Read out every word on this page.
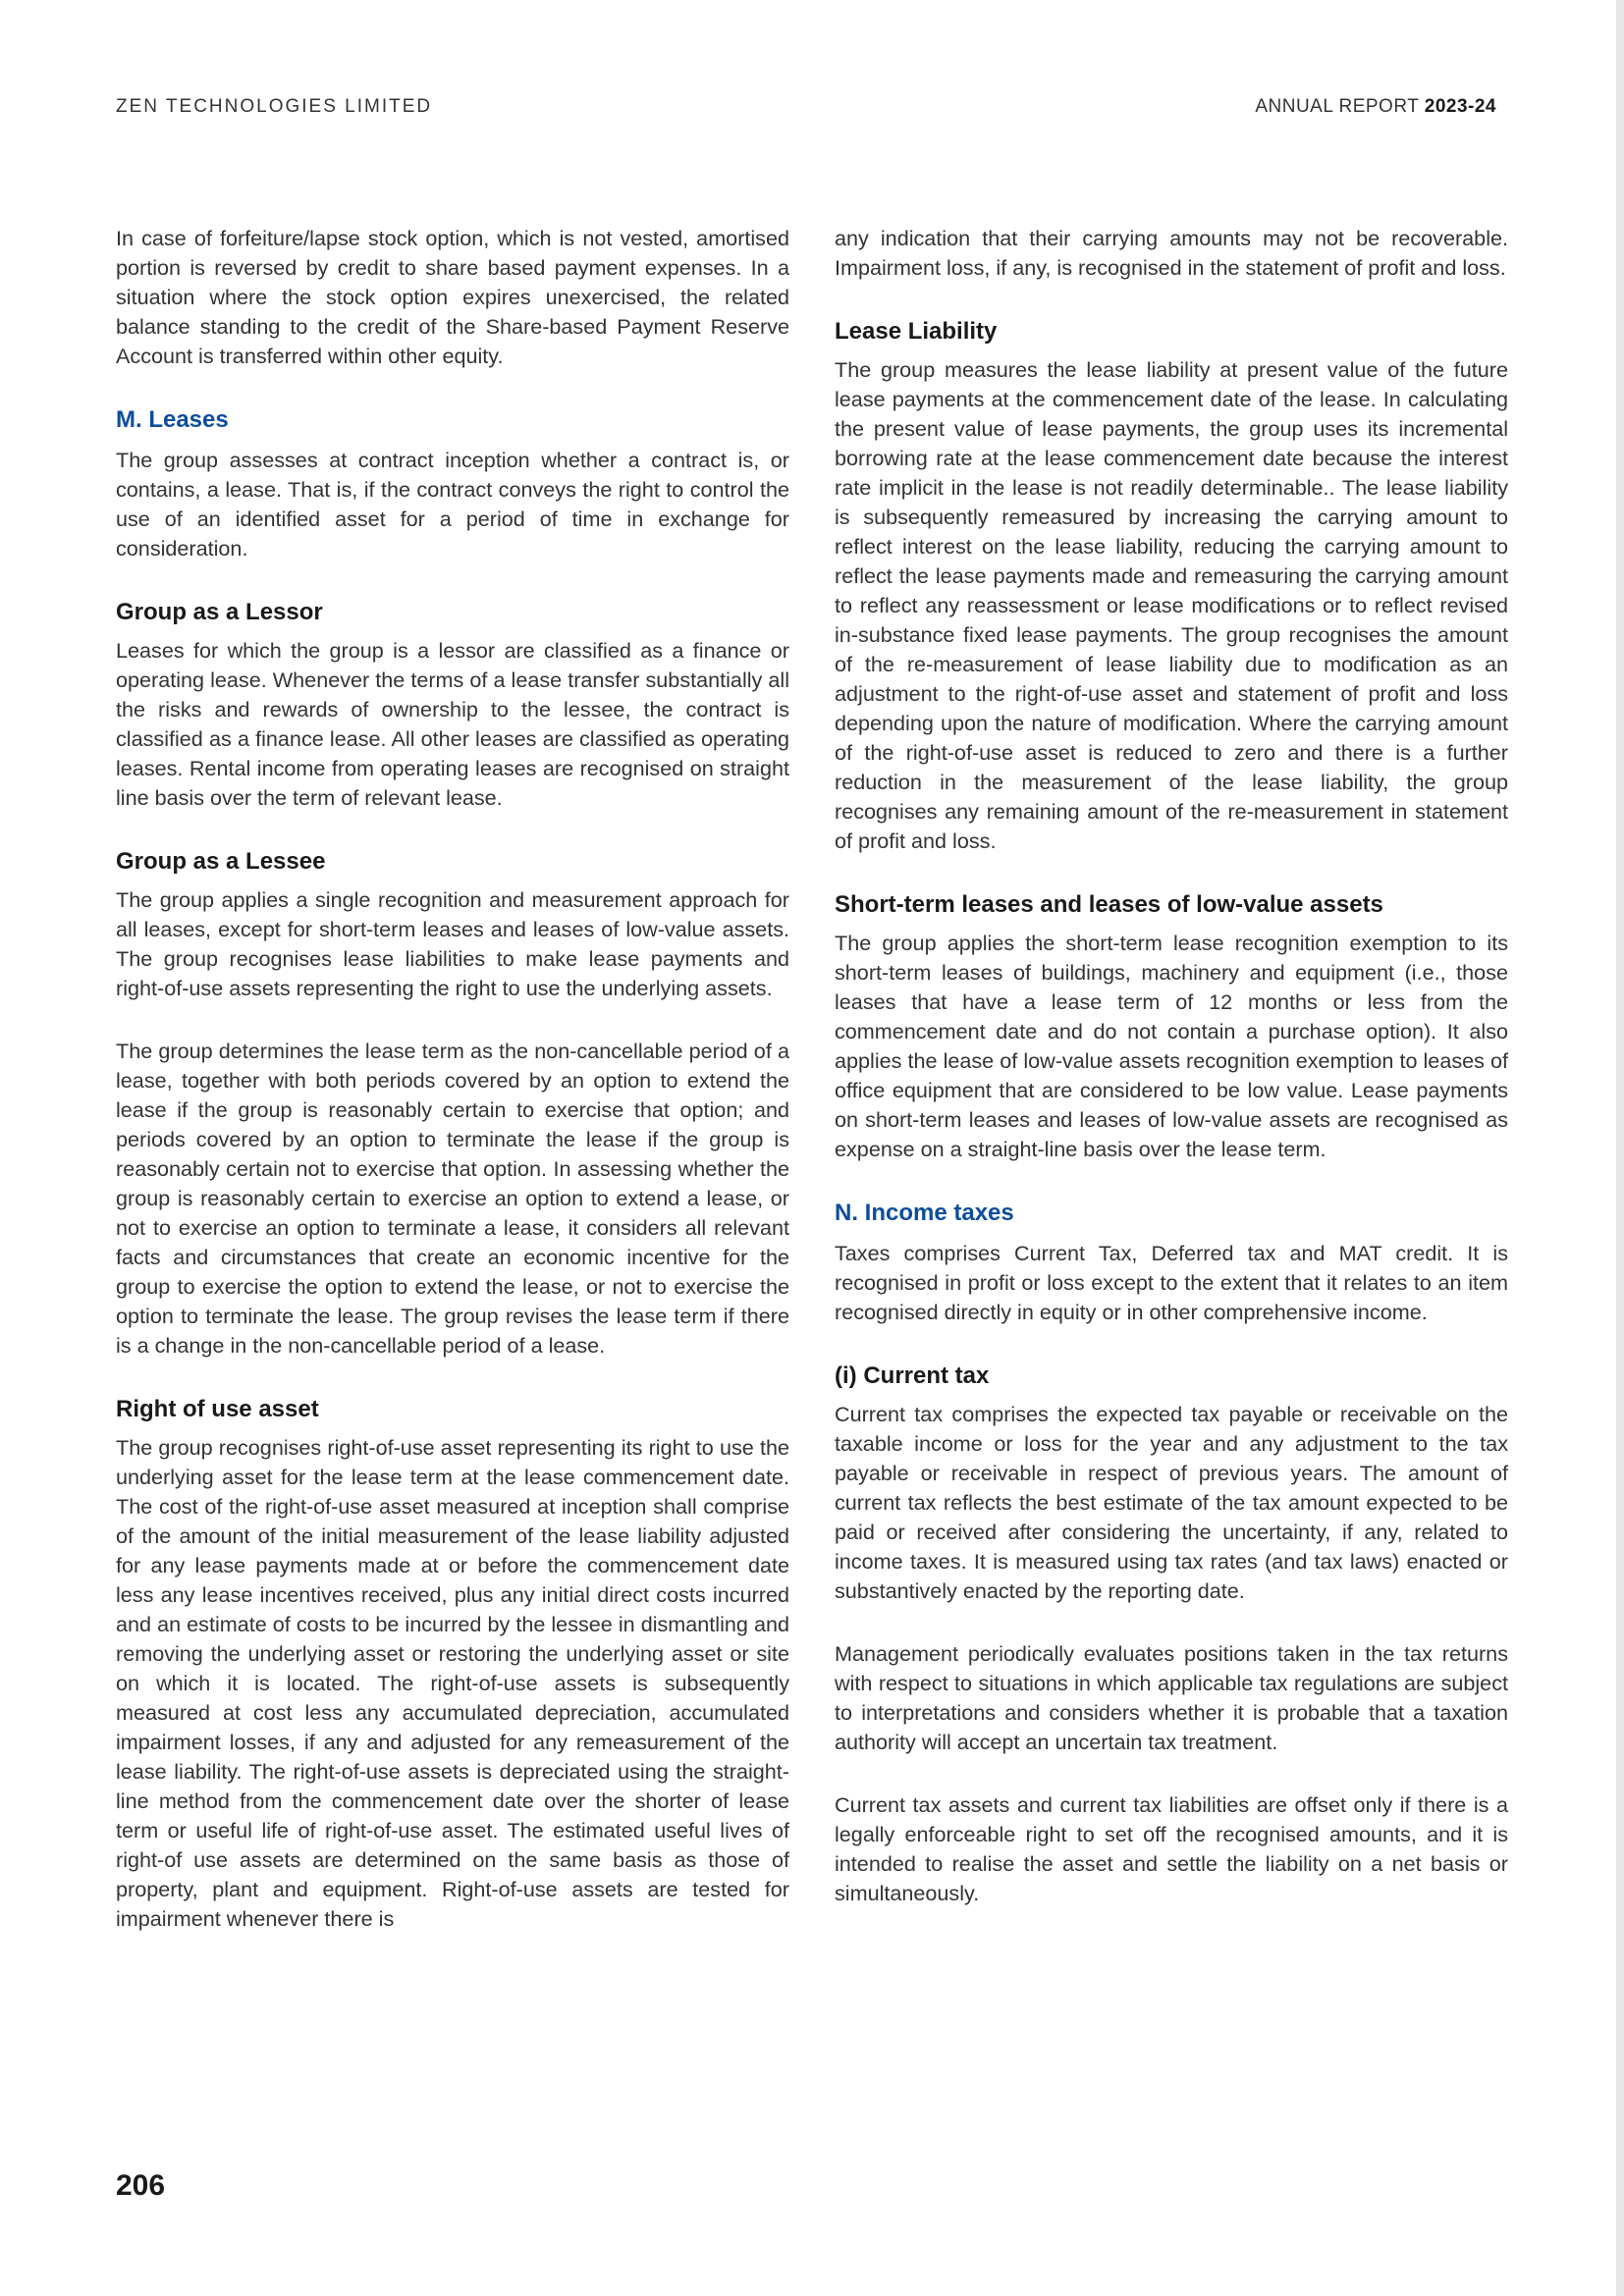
ZEN TECHNOLOGIES LIMITED	ANNUAL REPORT 2023-24

In case of forfeiture/lapse stock option, which is not vested, amortised portion is reversed by credit to share based payment expenses. In a situation where the stock option expires unexercised, the related balance standing to the credit of the Share-based Payment Reserve Account is transferred within other equity.

M. Leases

The group assesses at contract inception whether a contract is, or contains, a lease. That is, if the contract conveys the right to control the use of an identified asset for a period of time in exchange for consideration.

Group as a Lessor

Leases for which the group is a lessor are classified as a finance or operating lease. Whenever the terms of a lease transfer substantially all the risks and rewards of ownership to the lessee, the contract is classified as a finance lease. All other leases are classified as operating leases. Rental income from operating leases are recognised on straight line basis over the term of relevant lease.

Group as a Lessee

The group applies a single recognition and measurement approach for all leases, except for short-term leases and leases of low-value assets. The group recognises lease liabilities to make lease payments and right-of-use assets representing the right to use the underlying assets.

The group determines the lease term as the non-cancellable period of a lease, together with both periods covered by an option to extend the lease if the group is reasonably certain to exercise that option; and periods covered by an option to terminate the lease if the group is reasonably certain not to exercise that option. In assessing whether the group is reasonably certain to exercise an option to extend a lease, or not to exercise an option to terminate a lease, it considers all relevant facts and circumstances that create an economic incentive for the group to exercise the option to extend the lease, or not to exercise the option to terminate the lease. The group revises the lease term if there is a change in the non-cancellable period of a lease.

Right of use asset

The group recognises right-of-use asset representing its right to use the underlying asset for the lease term at the lease commencement date. The cost of the right-of-use asset measured at inception shall comprise of the amount of the initial measurement of the lease liability adjusted for any lease payments made at or before the commencement date less any lease incentives received, plus any initial direct costs incurred and an estimate of costs to be incurred by the lessee in dismantling and removing the underlying asset or restoring the underlying asset or site on which it is located. The right-of-use assets is subsequently measured at cost less any accumulated depreciation, accumulated impairment losses, if any and adjusted for any remeasurement of the lease liability. The right-of-use assets is depreciated using the straight-line method from the commencement date over the shorter of lease term or useful life of right-of-use asset. The estimated useful lives of right-of use assets are determined on the same basis as those of property, plant and equipment. Right-of-use assets are tested for impairment whenever there is

any indication that their carrying amounts may not be recoverable. Impairment loss, if any, is recognised in the statement of profit and loss.

Lease Liability

The group measures the lease liability at present value of the future lease payments at the commencement date of the lease. In calculating the present value of lease payments, the group uses its incremental borrowing rate at the lease commencement date because the interest rate implicit in the lease is not readily determinable.. The lease liability is subsequently remeasured by increasing the carrying amount to reflect interest on the lease liability, reducing the carrying amount to reflect the lease payments made and remeasuring the carrying amount to reflect any reassessment or lease modifications or to reflect revised in-substance fixed lease payments. The group recognises the amount of the re-measurement of lease liability due to modification as an adjustment to the right-of-use asset and statement of profit and loss depending upon the nature of modification. Where the carrying amount of the right-of-use asset is reduced to zero and there is a further reduction in the measurement of the lease liability, the group recognises any remaining amount of the re-measurement in statement of profit and loss.

Short-term leases and leases of low-value assets

The group applies the short-term lease recognition exemption to its short-term leases of buildings, machinery and equipment (i.e., those leases that have a lease term of 12 months or less from the commencement date and do not contain a purchase option). It also applies the lease of low-value assets recognition exemption to leases of office equipment that are considered to be low value. Lease payments on short-term leases and leases of low-value assets are recognised as expense on a straight-line basis over the lease term.

N. Income taxes

Taxes comprises Current Tax, Deferred tax and MAT credit. It is recognised in profit or loss except to the extent that it relates to an item recognised directly in equity or in other comprehensive income.

(i) Current tax

Current tax comprises the expected tax payable or receivable on the taxable income or loss for the year and any adjustment to the tax payable or receivable in respect of previous years. The amount of current tax reflects the best estimate of the tax amount expected to be paid or received after considering the uncertainty, if any, related to income taxes. It is measured using tax rates (and tax laws) enacted or substantively enacted by the reporting date.

Management periodically evaluates positions taken in the tax returns with respect to situations in which applicable tax regulations are subject to interpretations and considers whether it is probable that a taxation authority will accept an uncertain tax treatment.

Current tax assets and current tax liabilities are offset only if there is a legally enforceable right to set off the recognised amounts, and it is intended to realise the asset and settle the liability on a net basis or simultaneously.

206
